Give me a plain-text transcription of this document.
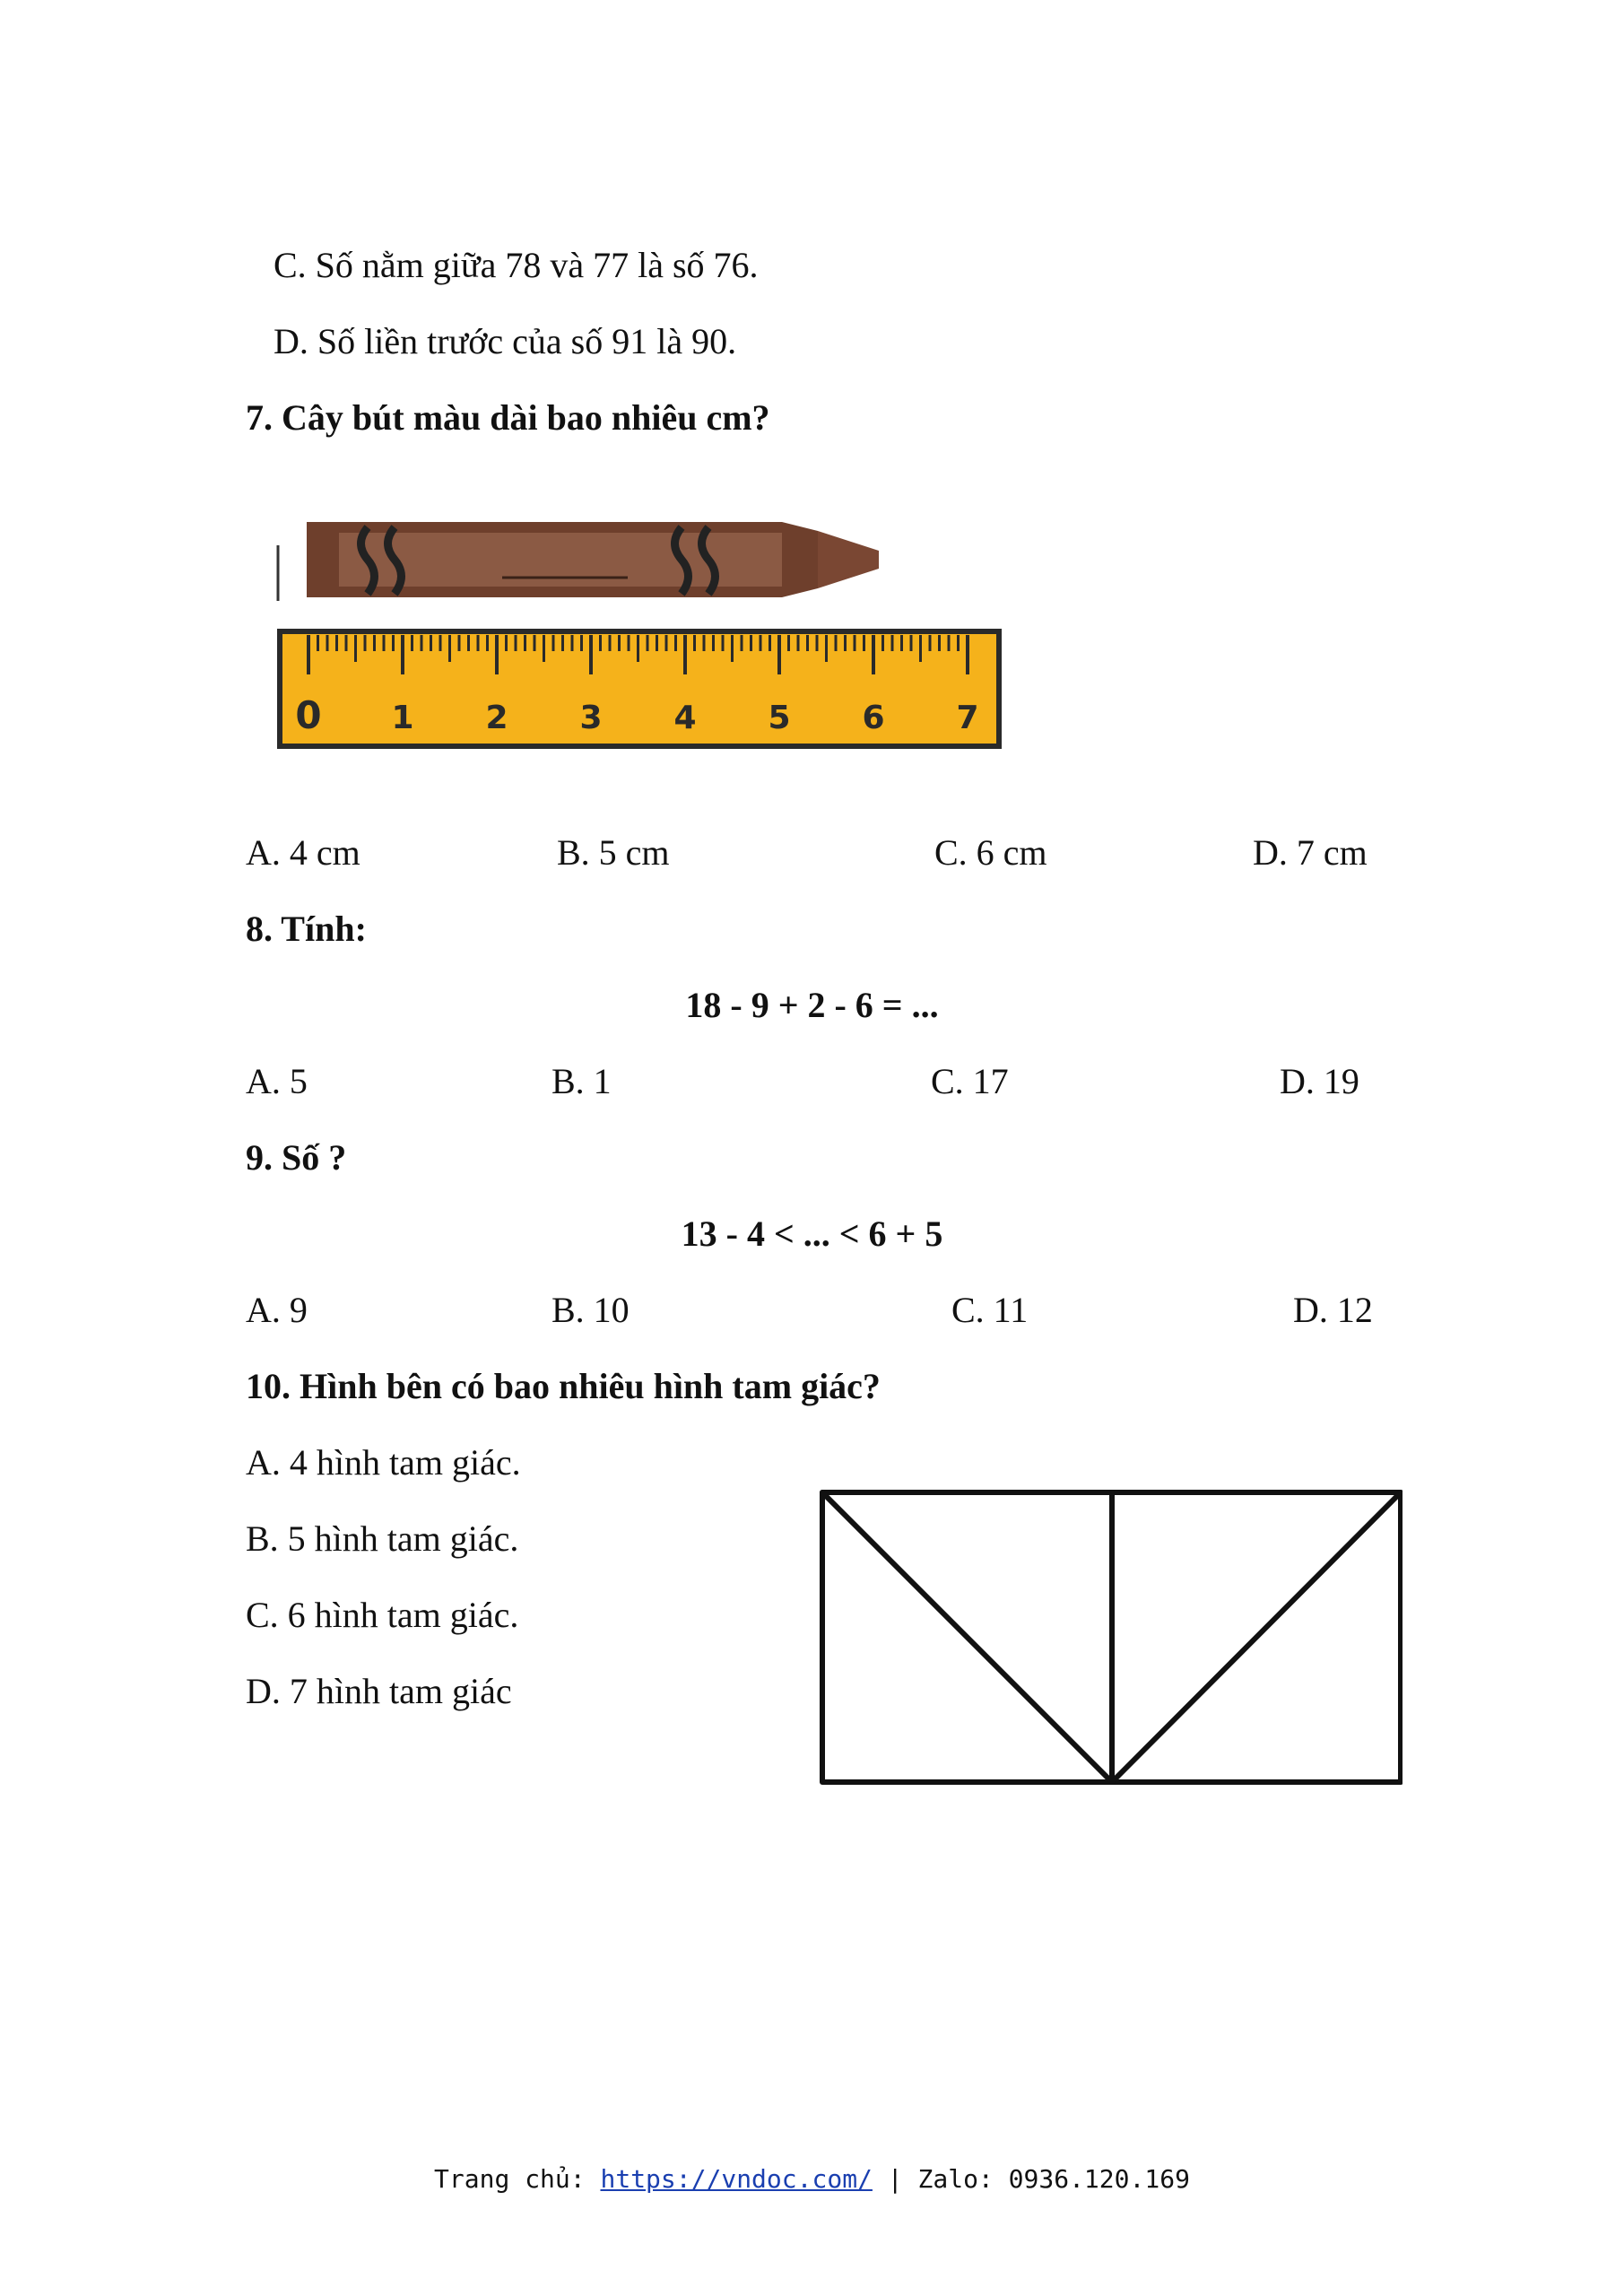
C. Số nằm giữa 78 và 77 là số 76.
D. Số liền trước của số 91 là 90.
7. Cây bút màu dài bao nhiêu cm?
0 1 2 3 4 5 6 7
A. 4 cm	B. 5 cm	C. 6 cm	D. 7 cm
8. Tính:
18 - 9 + 2 - 6 = ...
A. 5	B. 1	C. 17	D. 19
9. Số ?
13 - 4 < ... < 6 + 5
A. 9	B. 10	C. 11	D. 12
10. Hình bên có bao nhiêu hình tam giác?
A. 4 hình tam giác.
B. 5 hình tam giác.
C. 6 hình tam giác.
D. 7 hình tam giác
Trang chủ: https://vndoc.com/ | Zalo: 0936.120.169
